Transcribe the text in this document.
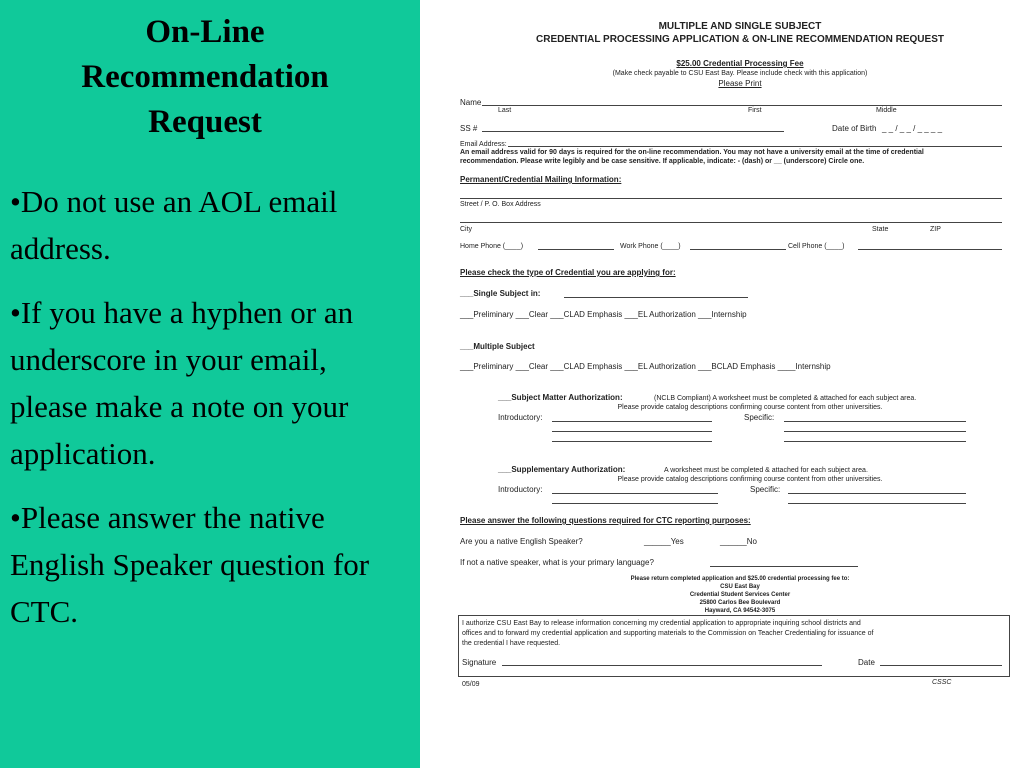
On-Line
Recommendation
Request
•Do not use an AOL email address.
•If you have a hyphen or an underscore in your email, please make a note on your application.
•Please answer the native English Speaker question for CTC.
MULTIPLE AND SINGLE SUBJECT
CREDENTIAL PROCESSING APPLICATION & ON-LINE RECOMMENDATION REQUEST
$25.00 Credential Processing Fee
(Make check payable to CSU East Bay. Please include check with this application)
Please Print
Name
Last	First	Middle
SS #	Date of Birth _ _ / _ _ / _ _ _ _
Email Address:
An email address valid for 90 days is required for the on-line recommendation. You may not have a university email at the time of credential
recommendation. Please write legibly and be case sensitive. If applicable, indicate: - (dash) or __ (underscore) Circle one.
Permanent/Credential Mailing Information:
Street / P. O. Box Address
City	State	ZIP
Home Phone (____)	Work Phone (____)	Cell Phone (____)
Please check the type of Credential you are applying for:
___Single Subject in:
___Preliminary ___Clear ___CLAD Emphasis ___EL Authorization ___Internship
___Multiple Subject
___Preliminary ___Clear ___CLAD Emphasis ___EL Authorization ___BCLAD Emphasis ____Internship
___Subject Matter Authorization:	(NCLB Compliant) A worksheet must be completed & attached for each subject area.
Please provide catalog descriptions confirming course content from other universities.
Introductory:	Specific:
___Supplementary Authorization:	A worksheet must be completed & attached for each subject area.
Please provide catalog descriptions confirming course content from other universities.
Introductory:	Specific:
Please answer the following questions required for CTC reporting purposes:
Are you a native English Speaker?	______Yes	______No
If not a native speaker, what is your primary language?
Please return completed application and $25.00 credential processing fee to:
CSU East Bay
Credential Student Services Center
25800 Carlos Bee Boulevard
Hayward, CA 94542-3075
I authorize CSU East Bay to release information concerning my credential application to appropriate inquiring school districts and
offices and to forward my credential application and supporting materials to the Commission on Teacher Credentialing for issuance of
the credential I have requested.
Signature	Date
05/09	CSSC
